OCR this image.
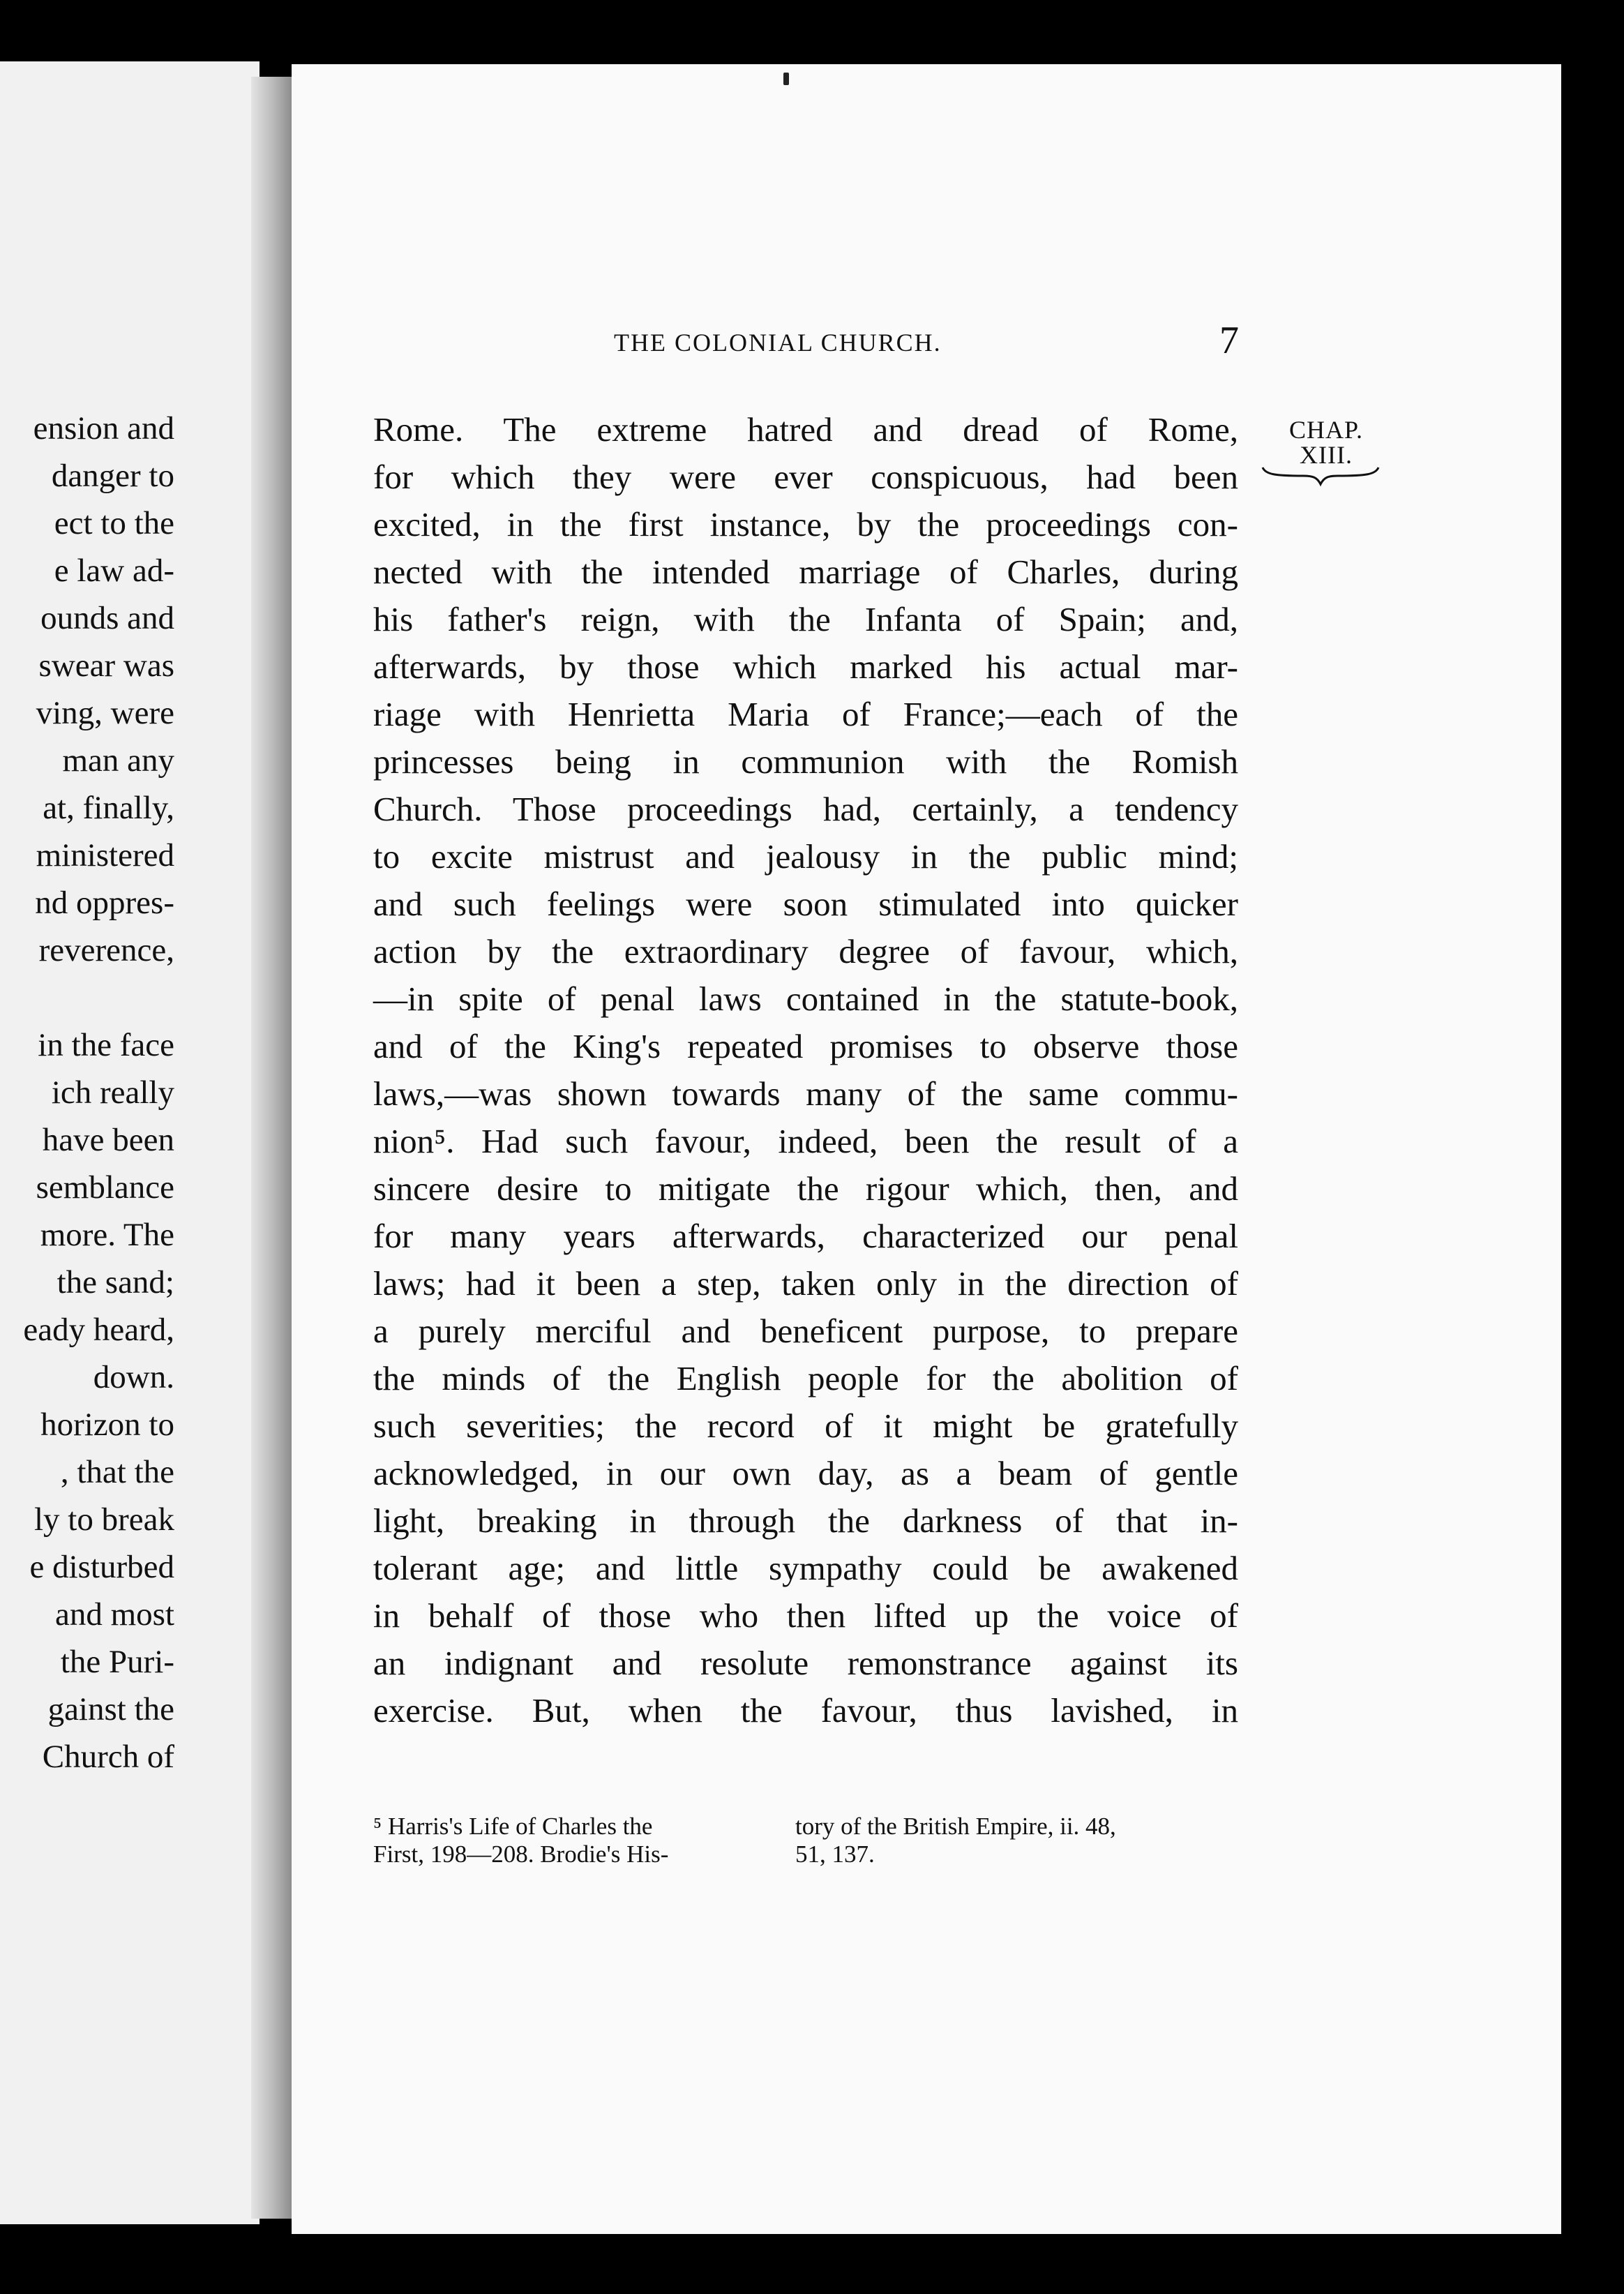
ension and
danger to
ect to the
e law ad-
ounds and
swear was
ving, were
man any
at, finally,
ministered
nd oppres-
reverence,
in the face
ich really
have been
semblance
more. The
the sand;
eady heard,
down.
horizon to
, that the
ly to break
e disturbed
and most
the Puri-
gainst the
Church of
THE COLONIAL CHURCH.	7
CHAP.
XIII.
Rome. The extreme hatred and dread of Rome,
for which they were ever conspicuous, had been
excited, in the first instance, by the proceedings con-
nected with the intended marriage of Charles, during
his father's reign, with the Infanta of Spain; and,
afterwards, by those which marked his actual mar-
riage with Henrietta Maria of France;—each of the
princesses being in communion with the Romish
Church. Those proceedings had, certainly, a tendency
to excite mistrust and jealousy in the public mind;
and such feelings were soon stimulated into quicker
action by the extraordinary degree of favour, which,
—in spite of penal laws contained in the statute-book,
and of the King's repeated promises to observe those
laws,—was shown towards many of the same commu-
nion⁵. Had such favour, indeed, been the result of a
sincere desire to mitigate the rigour which, then, and
for many years afterwards, characterized our penal
laws; had it been a step, taken only in the direction of
a purely merciful and beneficent purpose, to prepare
the minds of the English people for the abolition of
such severities; the record of it might be gratefully
acknowledged, in our own day, as a beam of gentle
light, breaking in through the darkness of that in-
tolerant age; and little sympathy could be awakened
in behalf of those who then lifted up the voice of
an indignant and resolute remonstrance against its
exercise. But, when the favour, thus lavished, in
⁵ Harris's Life of Charles the
First, 198—208. Brodie's His-
tory of the British Empire, ii. 48,
51, 137.
